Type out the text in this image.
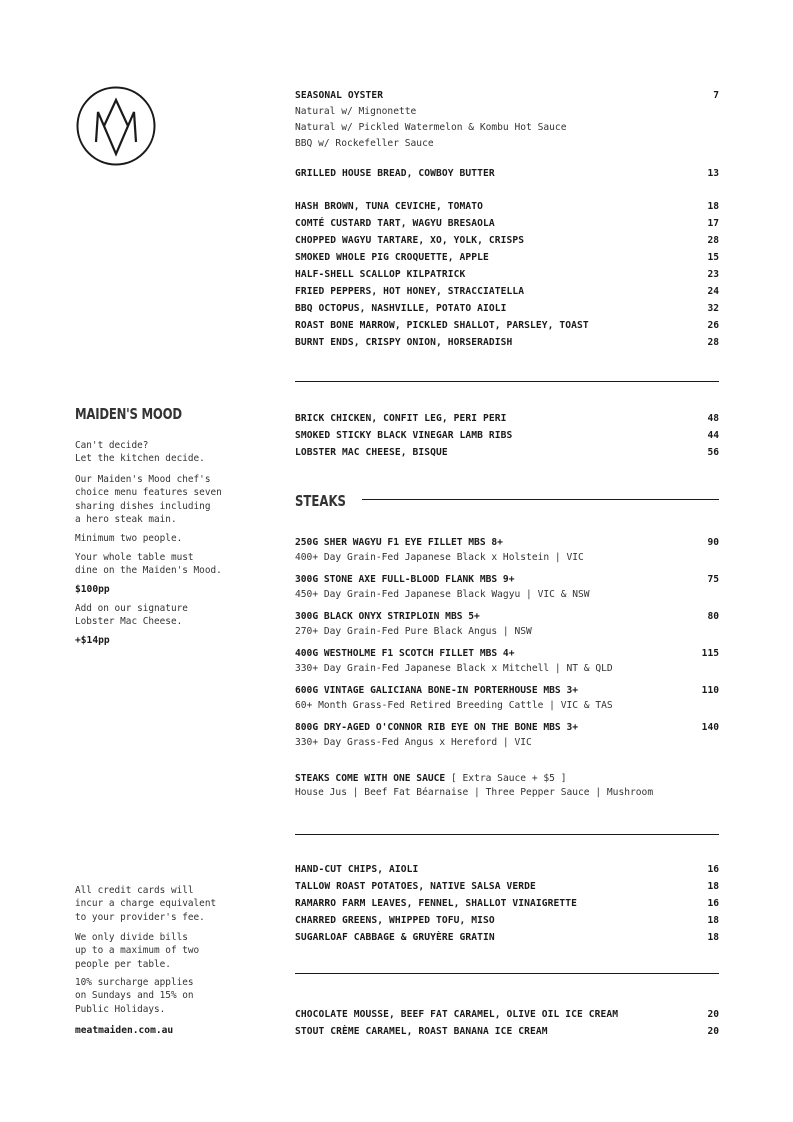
SEASONAL OYSTER	7
Natural w/ Mignonette
Natural w/ Pickled Watermelon & Kombu Hot Sauce
BBQ w/ Rockefeller Sauce
GRILLED HOUSE BREAD, COWBOY BUTTER	13
HASH BROWN, TUNA CEVICHE, TOMATO	18
COMTÉ CUSTARD TART, WAGYU BRESAOLA	17
CHOPPED WAGYU TARTARE, XO, YOLK, CRISPS	28
SMOKED WHOLE PIG CROQUETTE, APPLE	15
HALF-SHELL SCALLOP KILPATRICK	23
FRIED PEPPERS, HOT HONEY, STRACCIATELLA	24
BBQ OCTOPUS, NASHVILLE, POTATO AIOLI	32
ROAST BONE MARROW, PICKLED SHALLOT, PARSLEY, TOAST	26
BURNT ENDS, CRISPY ONION, HORSERADISH	28
BRICK CHICKEN, CONFIT LEG, PERI PERI	48
SMOKED STICKY BLACK VINEGAR LAMB RIBS	44
LOBSTER MAC CHEESE, BISQUE	56
STEAKS
250G SHER WAGYU F1 EYE FILLET MBS 8+	90
400+ Day Grain-Fed Japanese Black x Holstein | VIC
300G STONE AXE FULL-BLOOD FLANK MBS 9+	75
450+ Day Grain-Fed Japanese Black Wagyu | VIC & NSW
300G BLACK ONYX STRIPLOIN MBS 5+	80
270+ Day Grain-Fed Pure Black Angus | NSW
400G WESTHOLME F1 SCOTCH FILLET MBS 4+	115
330+ Day Grain-Fed Japanese Black x Mitchell | NT & QLD
600G VINTAGE GALICIANA BONE-IN PORTERHOUSE MBS 3+	110
60+ Month Grass-Fed Retired Breeding Cattle | VIC & TAS
800G DRY-AGED O'CONNOR RIB EYE ON THE BONE MBS 3+	140
330+ Day Grass-Fed Angus x Hereford | VIC
STEAKS COME WITH ONE SAUCE [ Extra Sauce + $5 ]
House Jus | Beef Fat Béarnaise | Three Pepper Sauce | Mushroom
HAND-CUT CHIPS, AIOLI	16
TALLOW ROAST POTATOES, NATIVE SALSA VERDE	18
RAMARRO FARM LEAVES, FENNEL, SHALLOT VINAIGRETTE	16
CHARRED GREENS, WHIPPED TOFU, MISO	18
SUGARLOAF CABBAGE & GRUYÈRE GRATIN	18
CHOCOLATE MOUSSE, BEEF FAT CARAMEL, OLIVE OIL ICE CREAM	20
STOUT CRÈME CARAMEL, ROAST BANANA ICE CREAM	20
MAIDEN'S MOOD
Can't decide?
Let the kitchen decide.
Our Maiden's Mood chef's
choice menu features seven
sharing dishes including
a hero steak main.
Minimum two people.
Your whole table must
dine on the Maiden's Mood.
$100pp
Add on our signature
Lobster Mac Cheese.
+$14pp
All credit cards will
incur a charge equivalent
to your provider's fee.
We only divide bills
up to a maximum of two
people per table.
10% surcharge applies
on Sundays and 15% on
Public Holidays.
meatmaiden.com.au
